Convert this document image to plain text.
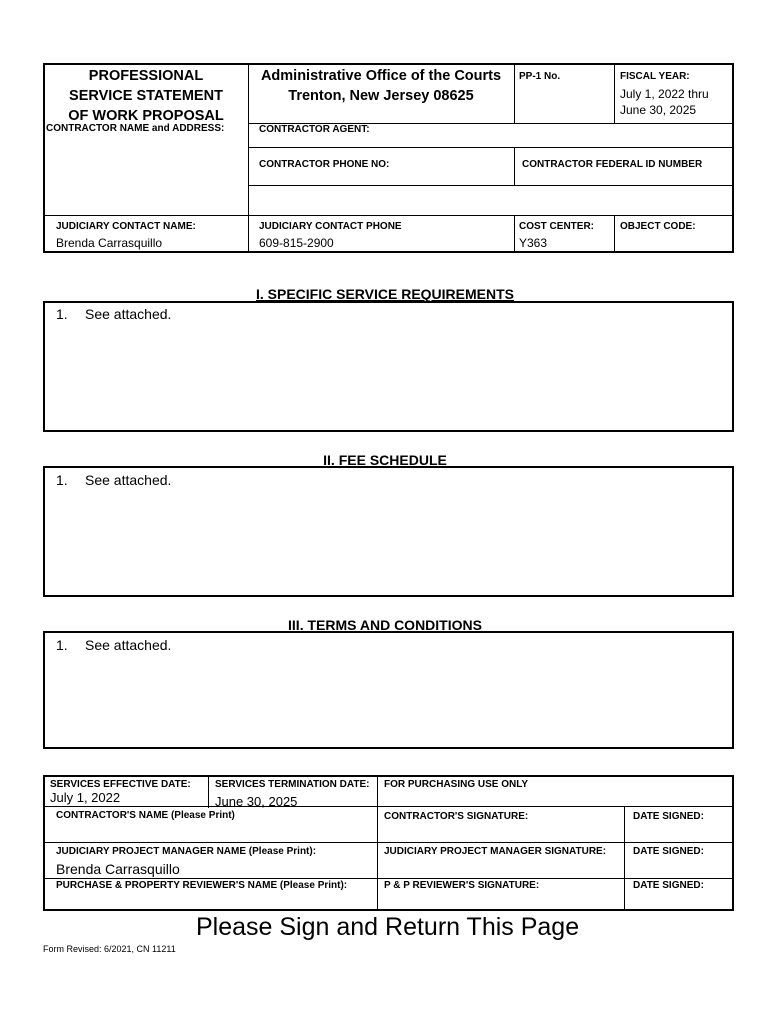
PROFESSIONAL
SERVICE STATEMENT
OF WORK PROPOSAL
Administrative Office of the Courts
Trenton, New Jersey 08625
PP-1 No.	FISCAL YEAR:
July 1, 2022 thru
June 30, 2025
CONTRACTOR NAME and ADDRESS:	CONTRACTOR AGENT:
CONTRACTOR PHONE NO:	CONTRACTOR FEDERAL ID NUMBER
JUDICIARY CONTACT NAME:
Brenda Carrasquillo
JUDICIARY CONTACT PHONE
609-815-2900
COST CENTER:
Y363
OBJECT CODE:
I. SPECIFIC SERVICE REQUIREMENTS
1. See attached.
II. FEE SCHEDULE
1. See attached.
III. TERMS AND CONDITIONS
1. See attached.
SERVICES EFFECTIVE DATE:
July 1, 2022
SERVICES TERMINATION DATE:
June 30, 2025
FOR PURCHASING USE ONLY
CONTRACTOR'S NAME (Please Print)	CONTRACTOR'S SIGNATURE:	DATE SIGNED:
JUDICIARY PROJECT MANAGER NAME (Please Print):
Brenda Carrasquillo
JUDICIARY PROJECT MANAGER SIGNATURE:	DATE SIGNED:
PURCHASE & PROPERTY REVIEWER'S NAME (Please Print):	P & P REVIEWER'S SIGNATURE:	DATE SIGNED:
Please Sign and Return This Page
Form Revised: 6/2021, CN 11211
